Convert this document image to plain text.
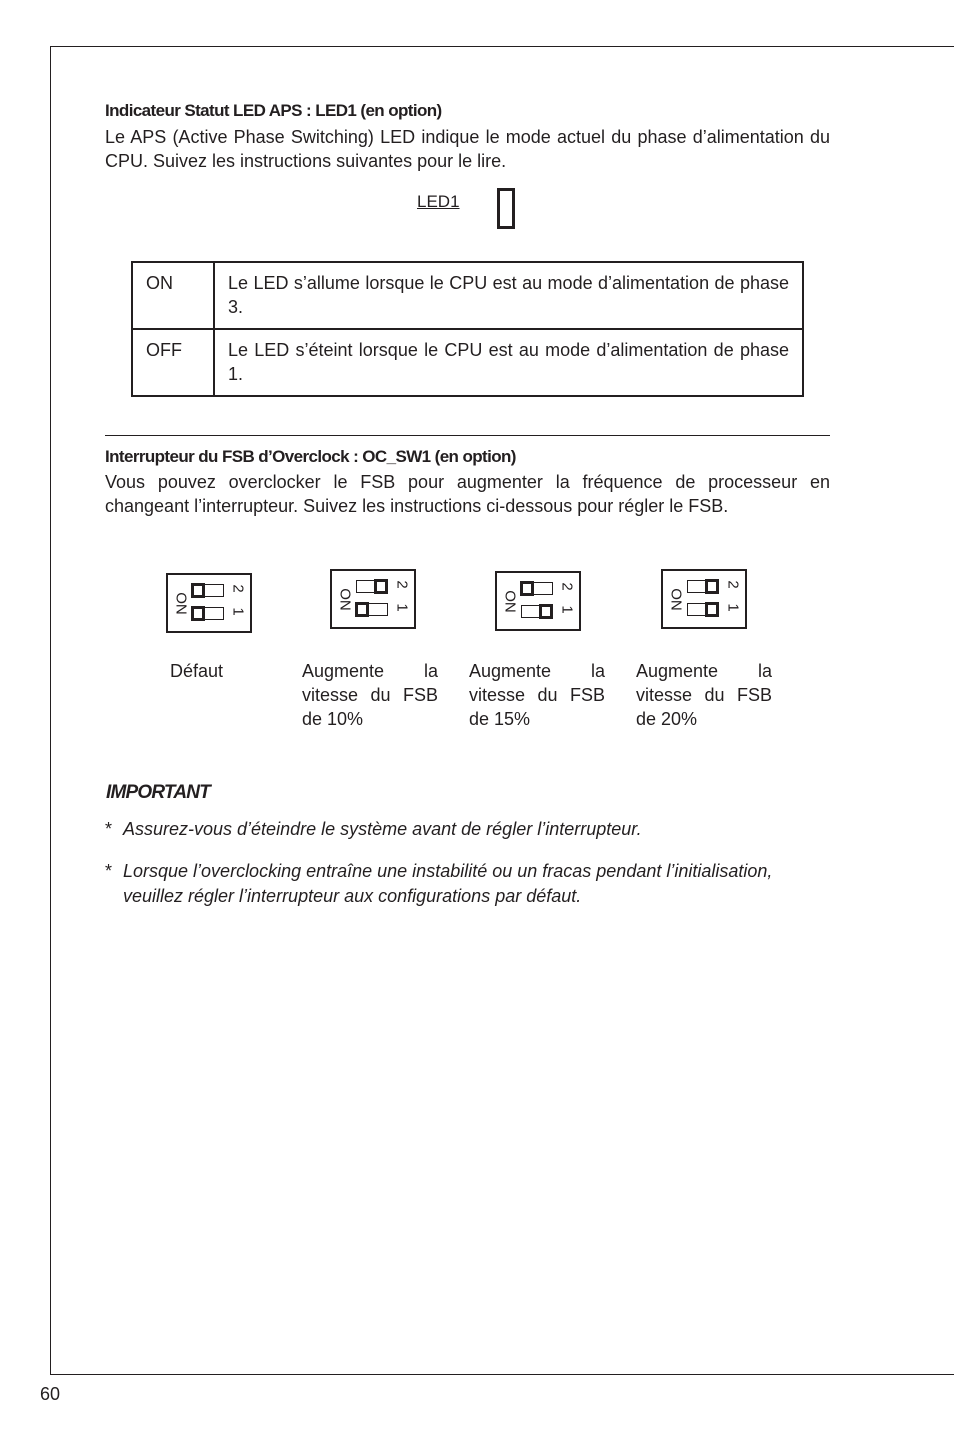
Indicateur Statut LED APS : LED1 (en option)
Le APS (Active Phase Switching) LED indique le mode actuel du phase d’alimentation du CPU. Suivez les instructions suivantes pour le lire.
LED1
ON	Le LED s’allume lorsque le CPU est au mode d’alimentation de phase 3.
OFF	Le LED s’éteint lorsque le CPU est au mode d’alimentation de phase 1.
Interrupteur du FSB d’Overclock : OC_SW1 (en option)
Vous pouvez overclocker le FSB pour augmenter la fréquence de processeur en changeant l’interrupteur. Suivez les instructions ci-dessous pour régler le FSB.
ON
2
1
Défaut
ON
2
1
Augmente la vitesse du FSB de 10%
ON
2
1
Augmente la vitesse du FSB de 15%
ON
2
1
Augmente la vitesse du FSB de 20%
IMPORTANT
* Assurez-vous d’éteindre le système avant de régler l’interrupteur.
* Lorsque l’overclocking entraîne une instabilité ou un fracas pendant l’initialisation, veuillez régler l’interrupteur aux configurations par défaut.
60
